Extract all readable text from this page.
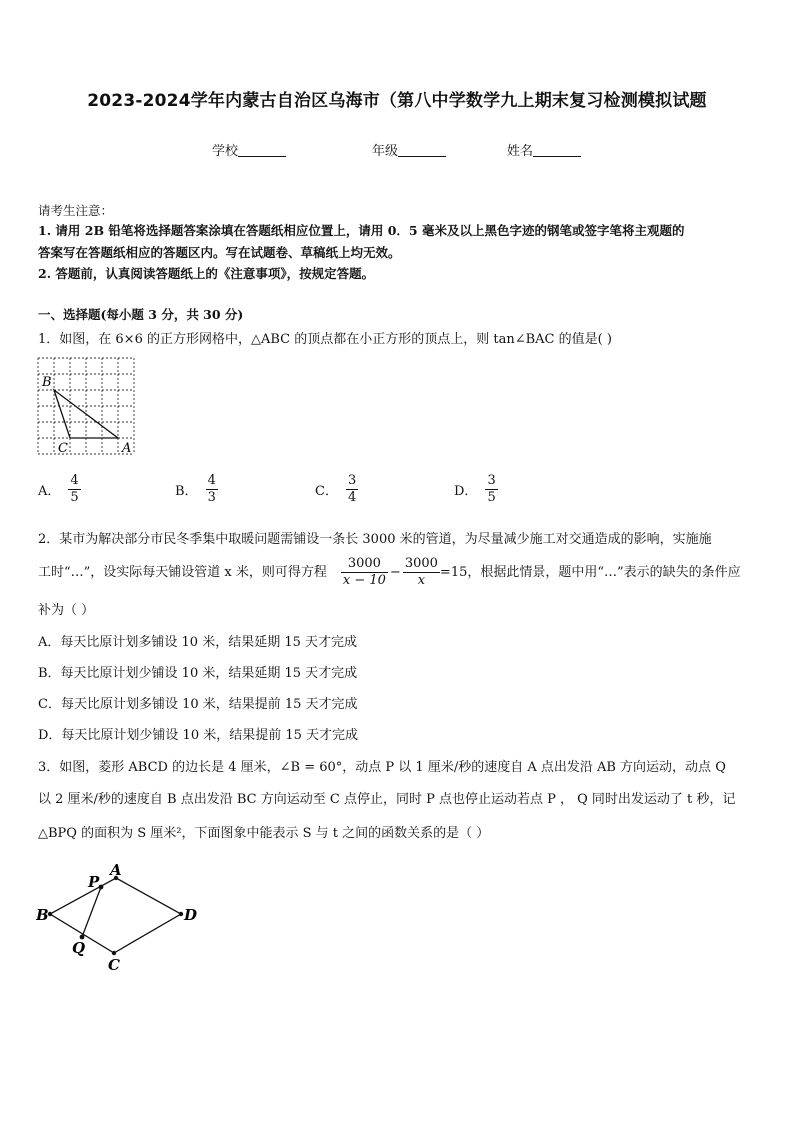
2023-2024学年内蒙古自治区乌海市（第八中学数学九上期末复习检测模拟试题
学校	年级	姓名
请考生注意：
1. 请用 2B 铅笔将选择题答案涂填在答题纸相应位置上，请用 0．5 毫米及以上黑色字迹的钢笔或签字笔将主观题的
答案写在答题纸相应的答题区内。写在试题卷、草稿纸上均无效。
2. 答题前，认真阅读答题纸上的《注意事项》，按规定答题。
一、选择题(每小题 3 分，共 30 分)
1．如图，在 6×6 的正方形网格中，△ABC 的顶点都在小正方形的顶点上，则 tan∠BAC 的值是( )
B
C	A
A． $\frac{4}{5}$	B． $\frac{4}{3}$	C． $\frac{3}{4}$	D． $\frac{3}{5}$
2．某市为解决部分市民冬季集中取暖问题需铺设一条长 3000 米的管道，为尽量减少施工对交通造成的影响，实施施
工时“…”，设实际每天铺设管道 x 米，则可得方程 $\frac{3000}{x - 10} - \frac{3000}{x} =15$，根据此情景，题中用“…”表示的缺失的条件应
补为（ ）
A．每天比原计划多铺设 10 米，结果延期 15 天才完成
B．每天比原计划少铺设 10 米，结果延期 15 天才完成
C．每天比原计划多铺设 10 米，结果提前 15 天才完成
D．每天比原计划少铺设 10 米，结果提前 15 天才完成
3．如图，菱形 ABCD 的边长是 4 厘米，∠B = 60°，动点 P 以 1 厘米/秒的速度自 A 点出发沿 AB 方向运动，动点 Q
以 2 厘米/秒的速度自 B 点出发沿 BC 方向运动至 C 点停止，同时 P 点也停止运动若点 P ， Q 同时出发运动了 t 秒，记
△BPQ 的面积为 S 厘米²，下面图象中能表示 S 与 t 之间的函数关系的是（ ）
A
P
B	D
Q
C
